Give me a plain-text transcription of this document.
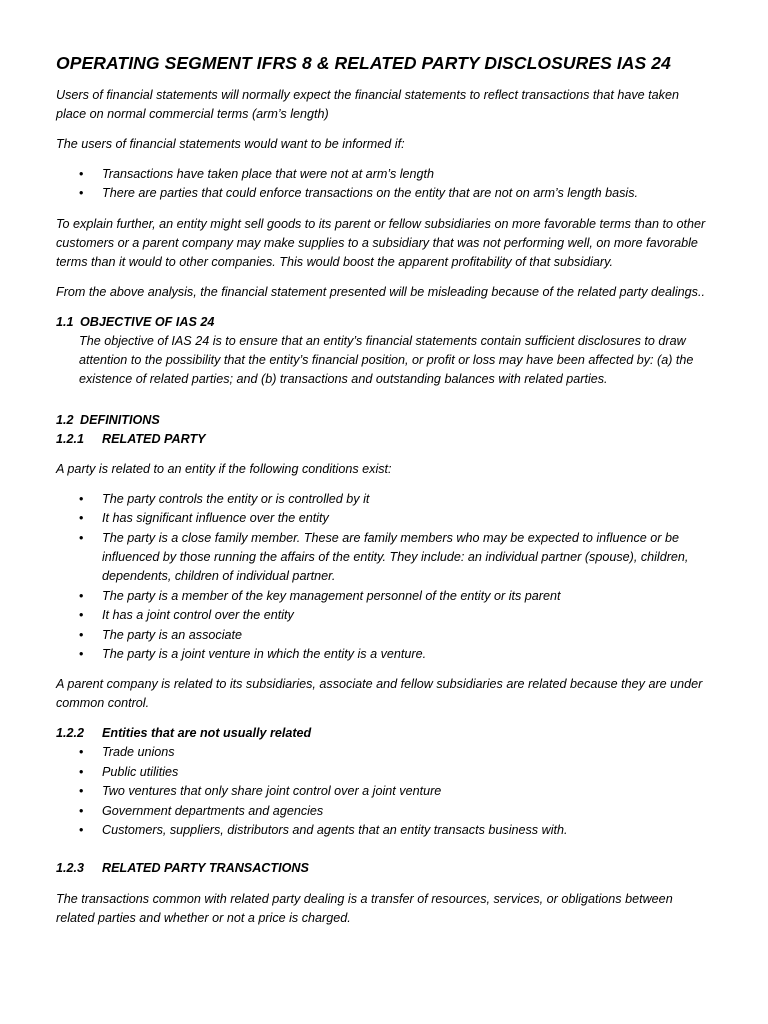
OPERATING SEGMENT IFRS 8 & RELATED PARTY DISCLOSURES IAS 24

Users of financial statements will normally expect the financial statements to reflect transactions that have taken place on normal commercial terms (arm’s length)

The users of financial statements would want to be informed if:

• Transactions have taken place that were not at arm’s length
• There are parties that could enforce transactions on the entity that are not on arm’s length basis.

To explain further, an entity might sell goods to its parent or fellow subsidiaries on more favorable terms than to other customers or a parent company may make supplies to a subsidiary that was not performing well, on more favorable terms than it would to other companies. This would boost the apparent profitability of that subsidiary.

From the above analysis, the financial statement presented will be misleading because of the related party dealings..

1.1 OBJECTIVE OF IAS 24

The objective of IAS 24 is to ensure that an entity’s financial statements contain sufficient disclosures to draw attention to the possibility that the entity’s financial position, or profit or loss may have been affected by: (a) the existence of related parties; and (b) transactions and outstanding balances with related parties.

1.2 DEFINITIONS
1.2.1	RELATED PARTY

A party is related to an entity if the following conditions exist:

• The party controls the entity or is controlled by it
• It has significant influence over the entity
• The party is a close family member. These are family members who may be expected to influence or be influenced by those running the affairs of the entity. They include: an individual partner (spouse), children, dependents, children of individual partner.
• The party is a member of the key management personnel of the entity or its parent
• It has a joint control over the entity
• The party is an associate
• The party is a joint venture in which the entity is a venture.

A parent company is related to its subsidiaries, associate and fellow subsidiaries are related because they are under common control.

1.2.2	Entities that are not usually related
• Trade unions
• Public utilities
• Two ventures that only share joint control over a joint venture
• Government departments and agencies
• Customers, suppliers, distributors and agents that an entity transacts business with.
1.2.3	RELATED PARTY TRANSACTIONS

The transactions common with related party dealing is a transfer of resources, services, or obligations between related parties and whether or not a price is charged.
